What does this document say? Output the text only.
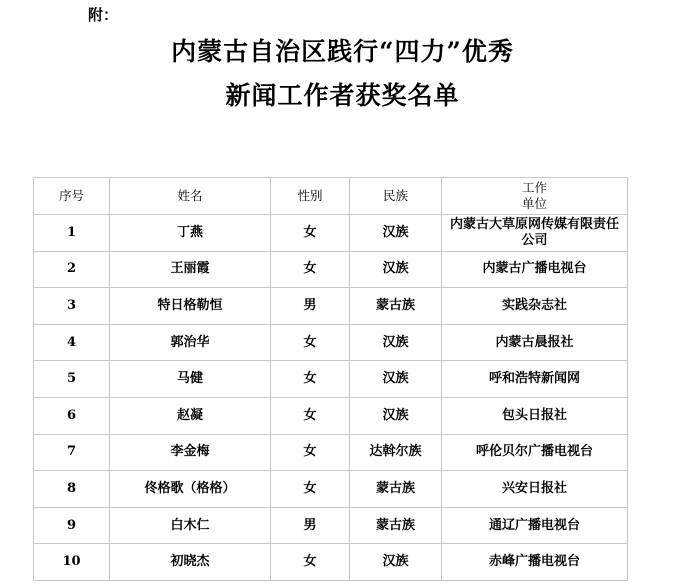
附：
内蒙古自治区践行“四力”优秀
新闻工作者获奖名单
序号	姓名	性别	民族	工作
单位

1	丁燕	女	汉族	内蒙古大草原网传媒有限责任公司
2	王丽霞	女	汉族	内蒙古广播电视台
3	特日格勒恒	男	蒙古族	实践杂志社
4	郭治华	女	汉族	内蒙古晨报社
5	马健	女	汉族	呼和浩特新闻网
6	赵凝	女	汉族	包头日报社
7	李金梅	女	达斡尔族	呼伦贝尔广播电视台
8	佟格歌（格格）	女	蒙古族	兴安日报社
9	白木仁	男	蒙古族	通辽广播电视台
10	初晓杰	女	汉族	赤峰广播电视台
